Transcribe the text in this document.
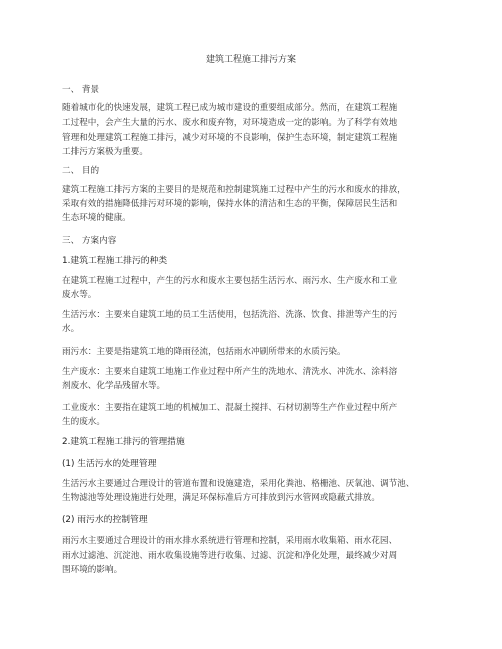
建筑工程施工排污方案
一、 背景
随着城市化的快速发展，建筑工程已成为城市建设的重要组成部分。然而，在建筑工程施
工过程中，会产生大量的污水、废水和废弃物，对环境造成一定的影响。为了科学有效地
管理和处理建筑工程施工排污，减少对环境的不良影响，保护生态环境，制定建筑工程施
工排污方案极为重要。
二、 目的
建筑工程施工排污方案的主要目的是规范和控制建筑施工过程中产生的污水和废水的排放，
采取有效的措施降低排污对环境的影响，保持水体的清洁和生态的平衡，保障居民生活和
生态环境的健康。
三、 方案内容
1.建筑工程施工排污的种类
在建筑工程施工过程中，产生的污水和废水主要包括生活污水、雨污水、生产废水和工业
废水等。
生活污水：主要来自建筑工地的员工生活使用，包括洗浴、洗涤、饮食、排泄等产生的污
水。
雨污水：主要是指建筑工地的降雨径流，包括雨水冲刷所带来的水质污染。
生产废水：主要来自建筑工地施工作业过程中所产生的洗地水、清洗水、冲洗水、涂料溶
剂废水、化学品残留水等。
工业废水：主要指在建筑工地的机械加工、混凝土搅拌、石材切割等生产作业过程中所产
生的废水。
2.建筑工程施工排污的管理措施
(1) 生活污水的处理管理
生活污水主要通过合理设计的管道布置和设施建造，采用化粪池、格栅池、厌氧池、调节池、
生物滤池等处理设施进行处理，满足环保标准后方可排放到污水管网或隐蔽式排放。
(2) 雨污水的控制管理
雨污水主要通过合理设计的雨水排水系统进行管理和控制，采用雨水收集箱、雨水花园、
雨水过滤池、沉淀池、雨水收集设施等进行收集、过滤、沉淀和净化处理，最终减少对周
围环境的影响。
